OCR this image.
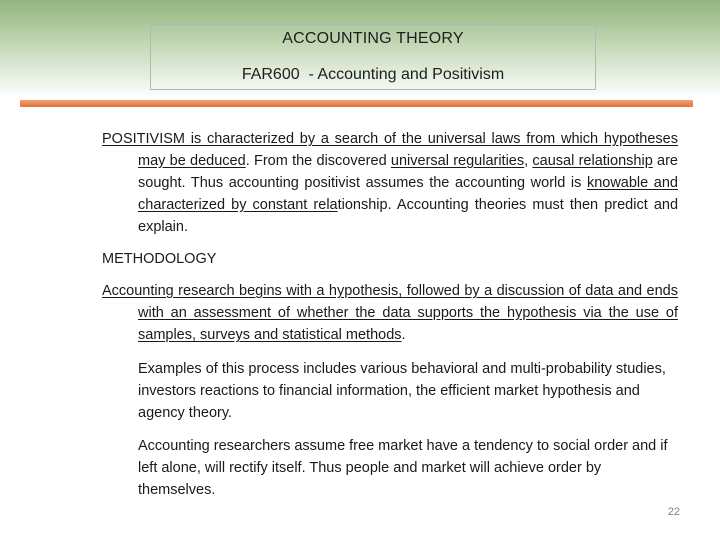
ACCOUNTING THEORY
FAR600  - Accounting and Positivism
POSITIVISM is characterized by a search of the universal laws from which hypotheses may be deduced. From the discovered universal regularities, causal relationship are sought. Thus accounting positivist assumes the accounting world is knowable and characterized by constant relationship. Accounting theories must then predict and explain.
METHODOLOGY
Accounting research begins with a hypothesis, followed by a discussion of data and ends with an assessment of whether the data supports the hypothesis via the use of samples, surveys and statistical methods.
Examples of this process includes various behavioral and multi-probability studies, investors reactions to financial information, the efficient market hypothesis and agency theory.
Accounting researchers assume free market have a tendency to social order and if left alone, will rectify itself. Thus people and market will achieve order by themselves.
22
